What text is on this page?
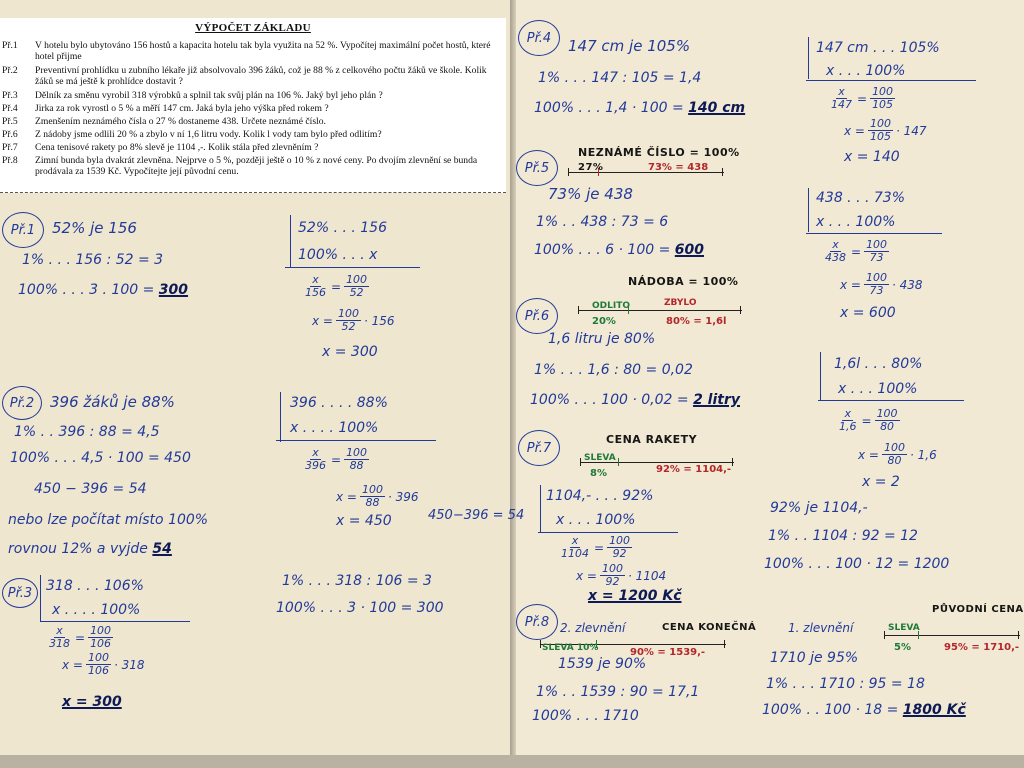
VÝPOČET ZÁKLADU
Př.1	V hotelu bylo ubytováno 156 hostů a kapacita hotelu tak byla využita na 52 %. Vypočítej maximální počet hostů, které hotel přijme
Př.2	Preventivní prohlídku u zubního lékaře již absolvovalo 396 žáků, což je 88 % z celkového počtu žáků ve škole. Kolik žáků se má ještě k prohlídce dostavit ?
Př.3	Dělník za směnu vyrobil 318 výrobků a splnil tak svůj plán na 106 %. Jaký byl jeho plán ?
Př.4	Jirka za rok vyrostl o 5 % a měří 147 cm. Jaká byla jeho výška před rokem ?
Př.5	Zmenšením neznámého čísla o 27 % dostaneme 438. Určete neznámé číslo.
Př.6	Z nádoby jsme odlili 20 % a zbylo v ní 1,6 litru vody. Kolik l vody tam bylo před odlitím?
Př.7	Cena tenisové rakety po 8% slevě je 1104 ,-. Kolik stála před zlevněním ?
Př.8	Zimní bunda byla dvakrát zlevněna. Nejprve o 5 %, později ještě o 10 % z nové ceny. Po dvojím zlevnění se bunda prodávala za 1539 Kč. Vypočítejte její původní cenu.
Př.1	52% je 156
1% . . . 156 : 52 = 3
100% . . . 3 . 100 = 300
52% . . . 156
100% . . . x
$\frac{x}{156} = \frac{100}{52}$
$x = \frac{100}{52} \cdot 156$
x = 300
Př.2	396 žáků je 88%
1% . . 396 : 88 = 4,5
100% . . . 4,5 · 100 = 450
450 − 396 = 54
nebo lze počítat místo 100%
rovnou 12% a vyjde 54
396 . . . . 88%
x . . . . 100%
$\frac{x}{396} = \frac{100}{88}$
$x = \frac{100}{88} \cdot 396$
x = 450	450−396 = 54
Př.3 318 . . . 106%
x . . . . 100%
$\frac{x}{318} = \frac{100}{106}$
$x = \frac{100}{106} \cdot 318$
x = 300
1% . . . 318 : 106 = 3
100% . . . 3 · 100 = 300
Př.4	147 cm je 105%
1% . . . 147 : 105 = 1,4
100% . . . 1,4 · 100 = 140 cm
147 cm . . . 105%
x . . . 100%
$\frac{x}{147} = \frac{100}{105}$
$x = \frac{100}{105} \cdot 147$
x = 140
Př.5
NEZNÁMÉ ČÍSLO = 100%
27%	73% = 438
73% je 438
1% . . 438 : 73 = 6
100% . . . 6 · 100 = 600
438 . . . 73%
x . . . 100%
$\frac{x}{438} = \frac{100}{73}$
$x = \frac{100}{73} \cdot 438$
x = 600
Př.6
NÁDOBA = 100%
ODLITO	ZBYLO
20%	80% = 1,6l
1,6 litru je 80%
1% . . . 1,6 : 80 = 0,02
100% . . . 100 · 0,02 = 2 litry
1,6l . . . 80%
x . . . 100%
$\frac{x}{1,6} = \frac{100}{80}$
$x = \frac{100}{80} \cdot 1,6$
x = 2
Př.7
CENA RAKETY
SLEVA
8%	92% = 1104,-
1104,- . . . 92%
x . . . 100%
$\frac{x}{1104} = \frac{100}{92}$
$x = \frac{100}{92} \cdot 1104$
x = 1200 Kč
92% je 1104,-
1% . . 1104 : 92 = 12
100% . . . 100 · 12 = 1200
Př.8 2. zlevnění	CENA KONEČNÁ
SLEVA 10%	90% = 1539,-
1. zlevnění
PŮVODNÍ CENA
SLEVA
5%	95% = 1710,-
1539 je 90%
1% . . 1539 : 90 = 17,1
100% . . . 1710
1710 je 95%
1% . . . 1710 : 95 = 18
100% . . 100 · 18 = 1800 Kč
